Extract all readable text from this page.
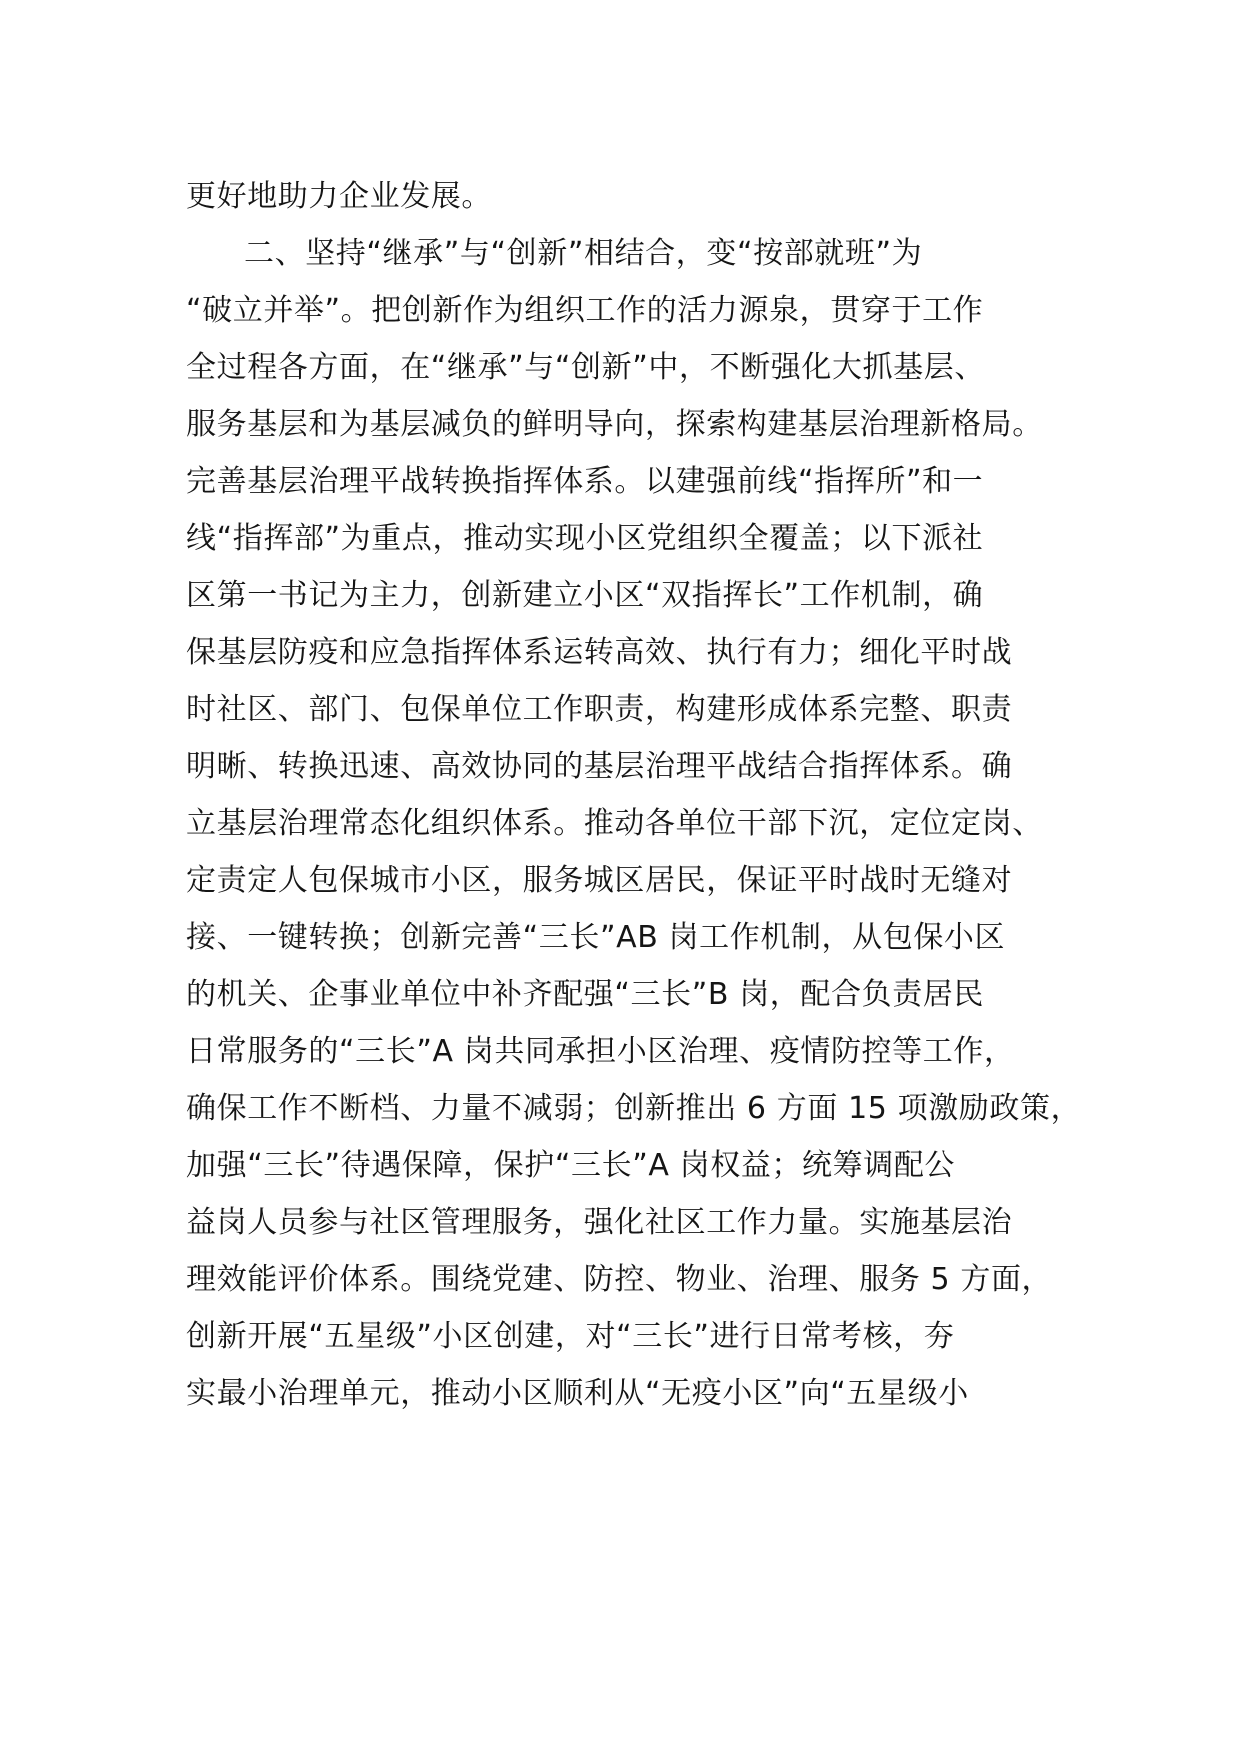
更好地助力企业发展。
二、坚持“继承”与“创新”相结合，变“按部就班”为
“破立并举”。把创新作为组织工作的活力源泉，贯穿于工作
全过程各方面，在“继承”与“创新”中，不断强化大抓基层、
服务基层和为基层减负的鲜明导向，探索构建基层治理新格局。
完善基层治理平战转换指挥体系。以建强前线“指挥所”和一
线“指挥部”为重点，推动实现小区党组织全覆盖；以下派社
区第一书记为主力，创新建立小区“双指挥长”工作机制，确
保基层防疫和应急指挥体系运转高效、执行有力；细化平时战
时社区、部门、包保单位工作职责，构建形成体系完整、职责
明晰、转换迅速、高效协同的基层治理平战结合指挥体系。确
立基层治理常态化组织体系。推动各单位干部下沉，定位定岗、
定责定人包保城市小区，服务城区居民，保证平时战时无缝对
接、一键转换；创新完善“三长”AB 岗工作机制，从包保小区
的机关、企事业单位中补齐配强“三长”B 岗，配合负责居民
日常服务的“三长”A 岗共同承担小区治理、疫情防控等工作，
确保工作不断档、力量不减弱；创新推出 6 方面 15 项激励政策，
加强“三长”待遇保障，保护“三长”A 岗权益；统筹调配公
益岗人员参与社区管理服务，强化社区工作力量。实施基层治
理效能评价体系。围绕党建、防控、物业、治理、服务 5 方面，
创新开展“五星级”小区创建，对“三长”进行日常考核，夯
实最小治理单元，推动小区顺利从“无疫小区”向“五星级小
